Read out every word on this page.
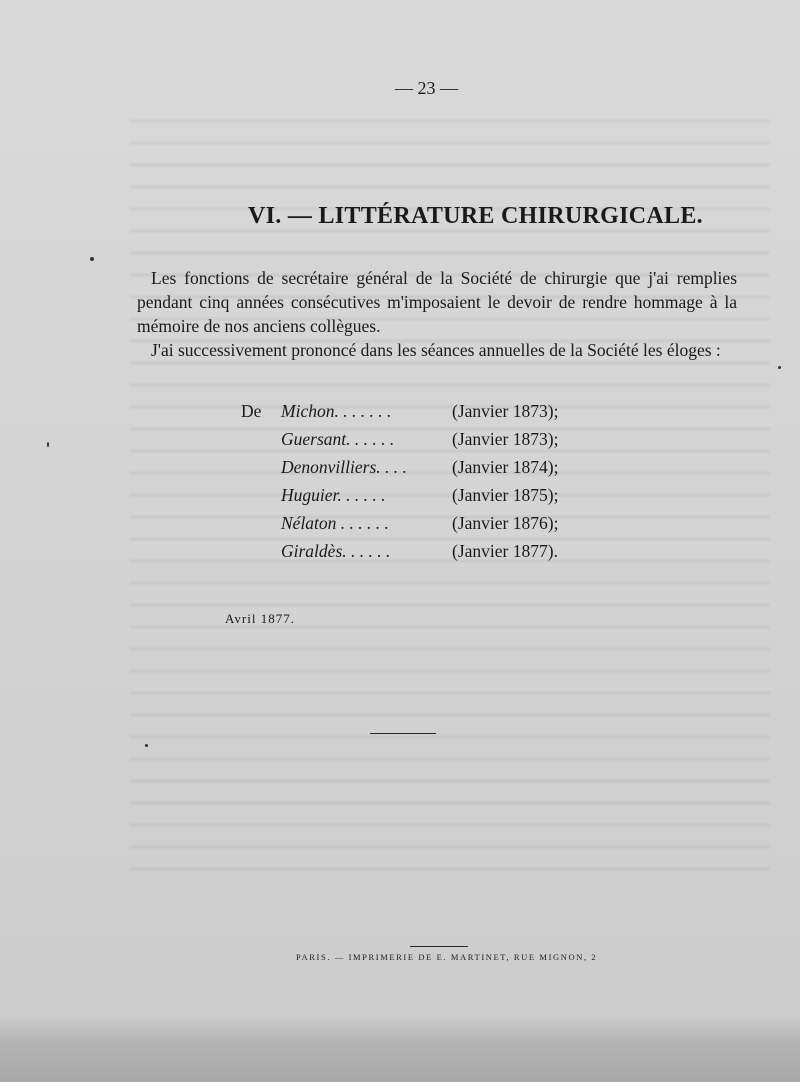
— 23 —
VI. — LITTÉRATURE CHIRURGICALE.
Les fonctions de secrétaire général de la Société de chirurgie que j'ai remplies pendant cinq années consécutives m'imposaient le devoir de rendre hommage à la mémoire de nos anciens collègues.
J'ai successivement prononcé dans les séances annuelles de la Société les éloges :
De Michon. . . . . . .	(Janvier 1873);
Guersant. . . . . .	(Janvier 1873);
Denonvilliers. . . .	(Janvier 1874);
Huguier. . . . . .	(Janvier 1875);
Nélaton . . . . . .	(Janvier 1876);
Giraldès. . . . . .	(Janvier 1877).
Avril 1877.
PARIS. — IMPRIMERIE DE E. MARTINET, RUE MIGNON, 2
